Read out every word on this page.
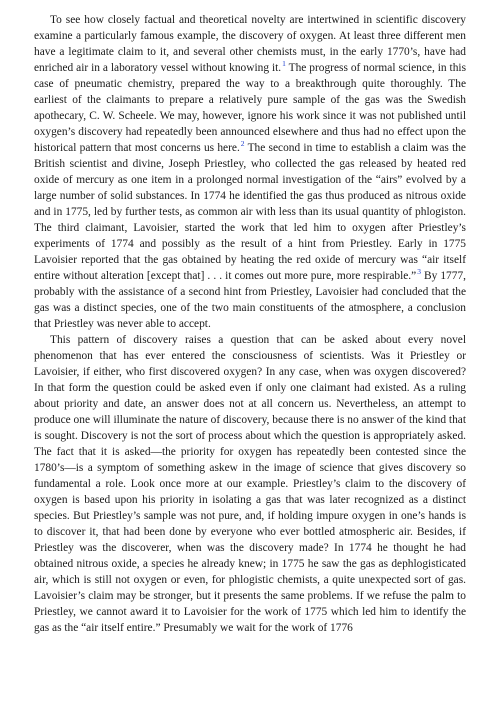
To see how closely factual and theoretical novelty are intertwined in scientific discovery examine a particularly famous example, the discovery of oxygen. At least three different men have a legitimate claim to it, and several other chemists must, in the early 1770’s, have had enriched air in a laboratory vessel without knowing it.$^1$ The progress of normal science, in this case of pneumatic chemistry, prepared the way to a breakthrough quite thoroughly. The earliest of the claimants to prepare a relatively pure sample of the gas was the Swedish apothecary, C. W. Scheele. We may, however, ignore his work since it was not published until oxygen’s discovery had repeatedly been announced elsewhere and thus had no effect upon the historical pattern that most concerns us here.$^2$ The second in time to establish a claim was the British scientist and divine, Joseph Priestley, who collected the gas released by heated red oxide of mercury as one item in a prolonged normal investigation of the “airs” evolved by a large number of solid substances. In 1774 he identified the gas thus produced as nitrous oxide and in 1775, led by further tests, as common air with less than its usual quantity of phlogiston. The third claimant, Lavoisier, started the work that led him to oxygen after Priestley’s experiments of 1774 and possibly as the result of a hint from Priestley. Early in 1775 Lavoisier reported that the gas obtained by heating the red oxide of mercury was “air itself entire without alteration [except that] . . . it comes out more pure, more respirable.”$^3$ By 1777, probably with the assistance of a second hint from Priestley, Lavoisier had concluded that the gas was a distinct species, one of the two main constituents of the atmosphere, a conclusion that Priestley was never able to accept.

This pattern of discovery raises a question that can be asked about every novel phenomenon that has ever entered the consciousness of scientists. Was it Priestley or Lavoisier, if either, who first discovered oxygen? In any case, when was oxygen discovered? In that form the question could be asked even if only one claimant had existed. As a ruling about priority and date, an answer does not at all concern us. Nevertheless, an attempt to produce one will illuminate the nature of discovery, because there is no answer of the kind that is sought. Discovery is not the sort of process about which the question is appropriately asked. The fact that it is asked—the priority for oxygen has repeatedly been contested since the 1780’s—is a symptom of something askew in the image of science that gives discovery so fundamental a role. Look once more at our example. Priestley’s claim to the discovery of oxygen is based upon his priority in isolating a gas that was later recognized as a distinct species. But Priestley’s sample was not pure, and, if holding impure oxygen in one’s hands is to discover it, that had been done by everyone who ever bottled atmospheric air. Besides, if Priestley was the discoverer, when was the discovery made? In 1774 he thought he had obtained nitrous oxide, a species he already knew; in 1775 he saw the gas as dephlogisticated air, which is still not oxygen or even, for phlogistic chemists, a quite unexpected sort of gas. Lavoisier’s claim may be stronger, but it presents the same problems. If we refuse the palm to Priestley, we cannot award it to Lavoisier for the work of 1775 which led him to identify the gas as the “air itself entire.” Presumably we wait for the work of 1776
